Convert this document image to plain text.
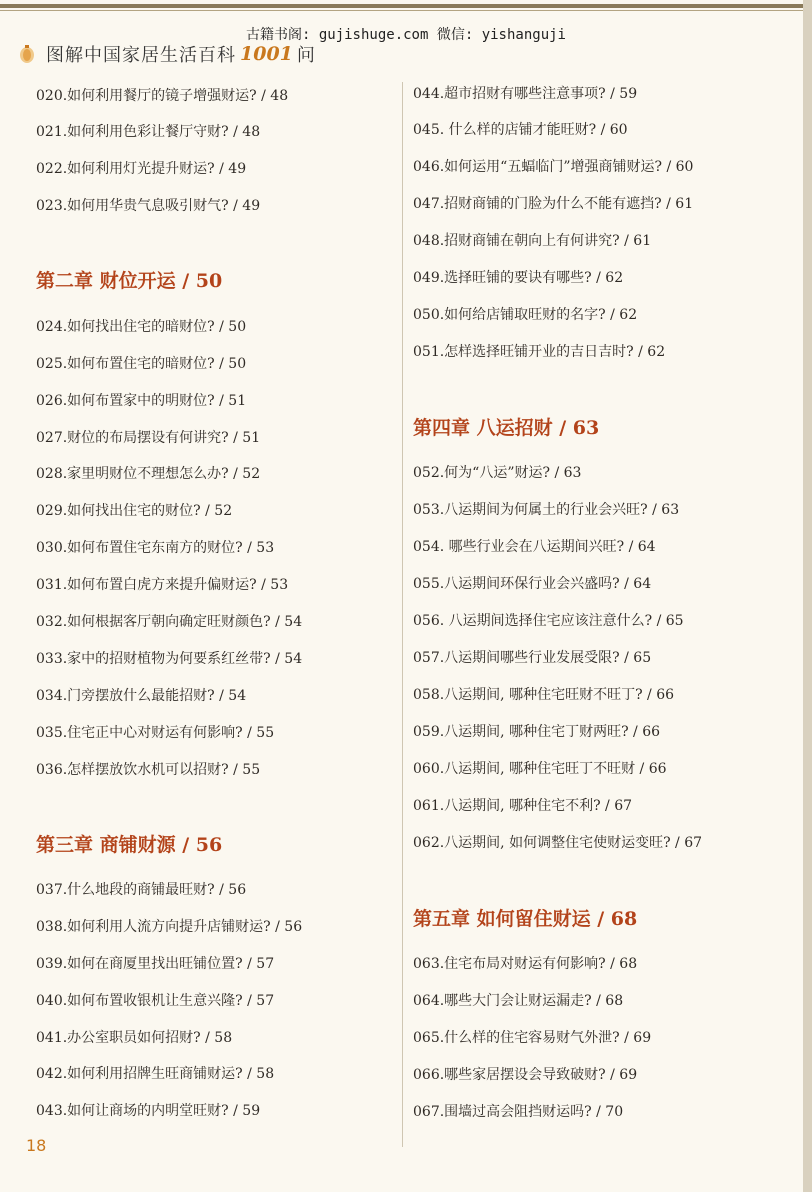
古籍书阁: gujishuge.com 微信: yishanguji
图解中国家居生活百科 1001 问
020.如何利用餐厅的镜子增强财运? / 48
021.如何利用色彩让餐厅守财? / 48
022.如何利用灯光提升财运? / 49
023.如何用华贵气息吸引财气? / 49
第二章 财位开运 / 50
024.如何找出住宅的暗财位? / 50
025.如何布置住宅的暗财位? / 50
026.如何布置家中的明财位? / 51
027.财位的布局摆设有何讲究? / 51
028.家里明财位不理想怎么办? / 52
029.如何找出住宅的财位? / 52
030.如何布置住宅东南方的财位? / 53
031.如何布置白虎方来提升偏财运? / 53
032.如何根据客厅朝向确定旺财颜色? / 54
033.家中的招财植物为何要系红丝带? / 54
034.门旁摆放什么最能招财? / 54
035.住宅正中心对财运有何影响? / 55
036.怎样摆放饮水机可以招财? / 55
第三章 商铺财源 / 56
037.什么地段的商铺最旺财? / 56
038.如何利用人流方向提升店铺财运? / 56
039.如何在商厦里找出旺铺位置? / 57
040.如何布置收银机让生意兴隆? / 57
041.办公室职员如何招财? / 58
042.如何利用招牌生旺商铺财运? / 58
043.如何让商场的内明堂旺财? / 59
044.超市招财有哪些注意事项? / 59
045. 什么样的店铺才能旺财? / 60
046.如何运用“五蝠临门”增强商铺财运? / 60
047.招财商铺的门脸为什么不能有遮挡? / 61
048.招财商铺在朝向上有何讲究? / 61
049.选择旺铺的要诀有哪些? / 62
050.如何给店铺取旺财的名字? / 62
051.怎样选择旺铺开业的吉日吉时? / 62
第四章 八运招财 / 63
052.何为“八运”财运? / 63
053.八运期间为何属土的行业会兴旺? / 63
054. 哪些行业会在八运期间兴旺? / 64
055.八运期间环保行业会兴盛吗? / 64
056. 八运期间选择住宅应该注意什么? / 65
057.八运期间哪些行业发展受限? / 65
058.八运期间, 哪种住宅旺财不旺丁? / 66
059.八运期间, 哪种住宅丁财两旺? / 66
060.八运期间, 哪种住宅旺丁不旺财 / 66
061.八运期间, 哪种住宅不利? / 67
062.八运期间, 如何调整住宅使财运变旺? / 67
第五章 如何留住财运 / 68
063.住宅布局对财运有何影响? / 68
064.哪些大门会让财运漏走? / 68
065.什么样的住宅容易财气外泄? / 69
066.哪些家居摆设会导致破财? / 69
067.围墙过高会阻挡财运吗? / 70
18
